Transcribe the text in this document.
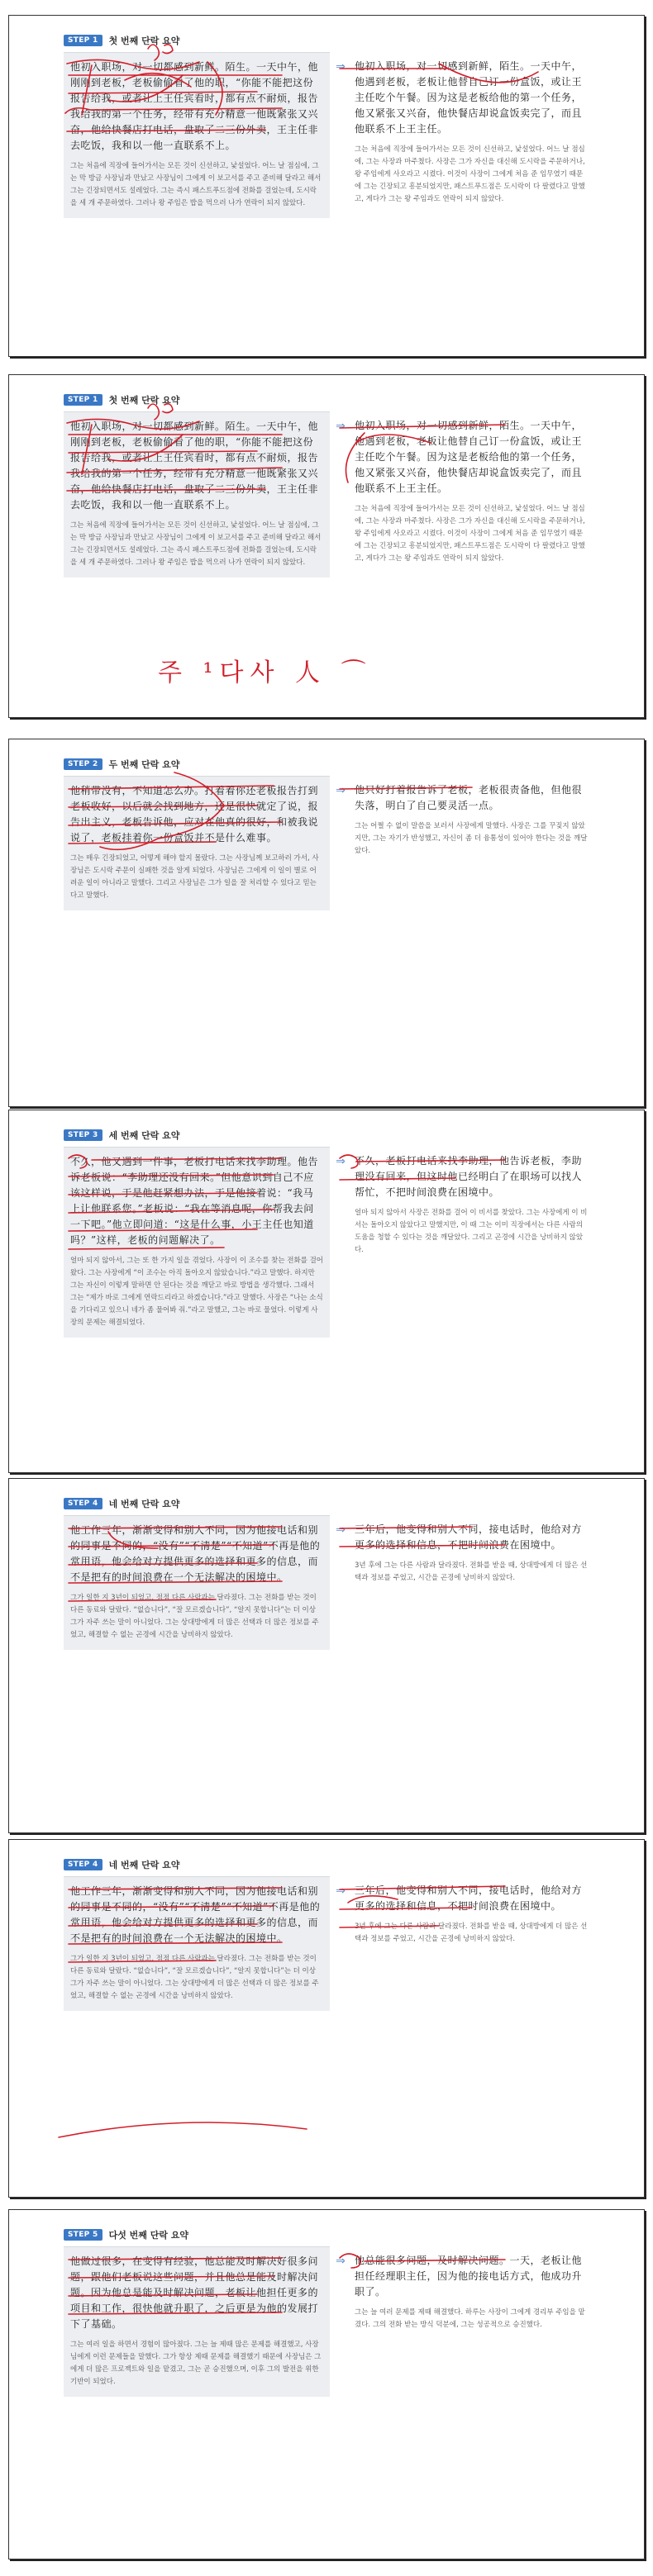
STEP 1	첫 번째 단락 요약

他初入职场，对一切都感到新鲜。陌生。一天中午，他刚刚到老板，老板偷偷看了他的职，“你能不能把这份报告给我，或者让上王任宾看时，都有点不耐烦，报告我给我的第一个任务，经带有充分精意一他既紧张又兴奋，他给快餐店打电话，盘取了二三份外卖，王主任非去吃饭，我和以一他一直联系不上。

그는 처음에 직장에 들어가서는 모든 것이 신선하고, 낯설었다. 어느 날 점심에, 그는 막 방금 사장님과 만났고 사장님이 그에게 이 보고서를 주고 준비해 달라고 해서 그는 긴장되면서도 설레었다. 그는 즉시 패스트푸드점에 전화를 걸었는데, 도시락을 세 개 주문하였다. 그러나 왕 주임은 밥을 먹으러 나가 연락이 되지 않았다.

⇒ 他初入职场，对一切感到新鲜，陌生。一天中午，他遇到老板，老板让他替自己订一份盒饭，或让王主任吃个午餐。因为这是老板给他的第一个任务，他又紧张又兴奋，他快餐店却说盒饭卖完了，而且他联系不上王主任。

그는 처음에 직장에 들어가서는 모든 것이 신선하고, 낯설었다. 어느 날 점심에, 그는 사장과 마주쳤다. 사장은 그가 자신을 대신해 도시락을 주문하거나, 왕 주임에게 사오라고 시켰다. 이것이 사장이 그에게 처음 준 임무였기 때문에 그는 긴장되고 흥분되었지만, 패스트푸드점은 도시락이 다 팔렸다고 말했고, 게다가 그는 왕 주임과도 연락이 되지 않았다.

STEP 1	첫 번째 단락 요약

他初入职场，对一切都感到新鲜。陌生。一天中午，他刚刚到老板，老板偷偷看了他的职，“你能不能把这份报告给我，或者让上王任宾看时，都有点不耐烦，报告我给我的第一个任务，经带有充分精意一他既紧张又兴奋，他给快餐店打电话，盘取了二三份外卖，王主任非去吃饭，我和以一他一直联系不上。

그는 처음에 직장에 들어가서는 모든 것이 신선하고, 낯설었다. 어느 날 점심에, 그는 막 방금 사장님과 만났고 사장님이 그에게 이 보고서를 주고 준비해 달라고 해서 그는 긴장되면서도 설레었다. 그는 즉시 패스트푸드점에 전화를 걸었는데, 도시락을 세 개 주문하였다. 그러나 왕 주임은 밥을 먹으러 나가 연락이 되지 않았다.

⇒ 他初入职场，对一切感到新鲜，陌生。一天中午，他遇到老板，老板让他替自己订一份盒饭，或让王主任吃个午餐。因为这是老板给他的第一个任务，他又紧张又兴奋，他快餐店却说盒饭卖完了，而且他联系不上王主任。

그는 처음에 직장에 들어가서는 모든 것이 신선하고, 낯설었다. 어느 날 점심에, 그는 사장과 마주쳤다. 사장은 그가 자신을 대신해 도시락을 주문하거나, 왕 주임에게 사오라고 시켰다. 이것이 사장이 그에게 처음 준 임무였기 때문에 그는 긴장되고 흥분되었지만, 패스트푸드점은 도시락이 다 팔렸다고 말했고, 게다가 그는 왕 주임과도 연락이 되지 않았다.

주 ¹다사 人 ⌒
STEP 2	두 번째 단락 요약

他稍带没有，不知道怎么办。打着着你还老板报告打到老板收好，以后就会找到地方，还是很快就定了说，报告出主义，老板告诉他，应对在他真的很好，和被我说说了，老板挂着你一份盒饭并不是什么难事。

그는 매우 긴장되었고, 어떻게 해야 할지 몰랐다. 그는 사장님께 보고하러 가서, 사장님은 도시락 주문이 실패한 것을 알게 되었다. 사장님은 그에게 이 일이 별로 어려운 일이 아니라고 말했다. 그리고 사장님은 그가 일을 잘 처리할 수 있다고 믿는다고 말했다.

⇒ 他只好打着报告诉了老板，老板很责备他，但他很失落，明白了自己要灵活一点。

그는 어쩔 수 없이 말씀을 보러서 사장에게 말했다. 사장은 그를 꾸짖지 않았지만, 그는 자기가 반성했고, 자신이 좀 더 융통성이 있어야 한다는 것을 깨달았다.

STEP 3	세 번째 단락 요약

不久，他又遇到一件事，老板打电话来找李助理。他告诉老板说：“李助理还没有回来。”但他意识到自己不应该这样说，于是他赶紧想办法，于是他接着说：“我马上让他联系您。”老板说：“我在等消息呢，你帮我去问一下吧。”他立即问道：“这是什么事，小王主任也知道吗？”这样，老板的问题解决了。

얼마 되지 않아서, 그는 또 한 가지 일을 겪었다. 사장이 이 조수를 찾는 전화를 걸어왔다. 그는 사장에게 “이 조수는 아직 돌아오지 않았습니다.”라고 말했다. 하지만 그는 자신이 이렇게 말하면 안 된다는 것을 깨닫고 바로 방법을 생각했다. 그래서 그는 “제가 바로 그에게 연락드리라고 하겠습니다.”라고 말했다. 사장은 “나는 소식을 기다리고 있으니 네가 좀 물어봐 줘.”라고 말했고, 그는 바로 물었다. 이렇게 사장의 문제는 해결되었다.

⇒ 不久，老板打电话来找李助理，他告诉老板，李助理没有回来，但这时他已经明白了在职场可以找人帮忙，不把时间浪费在困境中。

얼마 되지 않아서 사장은 전화를 걸어 이 비서를 찾았다. 그는 사장에게 이 비서는 돌아오지 않았다고 말했지만, 이 때 그는 이미 직장에서는 다른 사람의 도움을 청할 수 있다는 것을 깨달았다. 그리고 곤경에 시간을 낭비하지 않았다.

STEP 4	네 번째 단락 요약

他工作三年，渐渐变得和别人不同，因为他接电话和别的同事是不同的，“没有”“不清楚”“不知道”不再是他的常用语，他会给对方提供更多的选择和更多的信息，而不是把有的时间浪费在一个无法解决的困境中。

그가 일한 지 3년이 되었고, 점점 다른 사람과는 달라졌다. 그는 전화를 받는 것이 다른 동료와 달랐다. “없습니다”, “잘 모르겠습니다”, “알지 못합니다”는 더 이상 그가 자주 쓰는 말이 아니었다. 그는 상대방에게 더 많은 선택과 더 많은 정보를 주었고, 해결할 수 없는 곤경에 시간을 낭비하지 않았다.

⇒ 三年后，他变得和别人不同，接电话时，他给对方更多的选择和信息，不把时间浪费在困境中。

3년 후에 그는 다른 사람과 달라졌다. 전화를 받을 때, 상대방에게 더 많은 선택과 정보를 주었고, 시간을 곤경에 낭비하지 않았다.

STEP 4	네 번째 단락 요약

他工作三年，渐渐变得和别人不同，因为他接电话和别的同事是不同的，“没有”“不清楚”“不知道”不再是他的常用语，他会给对方提供更多的选择和更多的信息，而不是把有的时间浪费在一个无法解决的困境中。

그가 일한 지 3년이 되었고, 점점 다른 사람과는 달라졌다. 그는 전화를 받는 것이 다른 동료와 달랐다. “없습니다”, “잘 모르겠습니다”, “알지 못합니다”는 더 이상 그가 자주 쓰는 말이 아니었다. 그는 상대방에게 더 많은 선택과 더 많은 정보를 주었고, 해결할 수 없는 곤경에 시간을 낭비하지 않았다.

⇒ 三年后，他变得和别人不同，接电话时，他给对方更多的选择和信息，不把时间浪费在困境中。

3년 후에 그는 다른 사람과 달라졌다. 전화를 받을 때, 상대방에게 더 많은 선택과 정보를 주었고, 시간을 곤경에 낭비하지 않았다.

STEP 5	다섯 번째 단락 요약

他做过很多，在变得有经验，他总能及时解决好很多问题，跟他们老板说这些问题，并且他总是能及时解决问题。因为他总是能及时解决问题，老板让他担任更多的项目和工作，很快他就升职了，之后更是为他的发展打下了基础。

그는 여러 일을 하면서 경험이 많아졌다. 그는 늘 제때 많은 문제를 해결했고, 사장님에게 이런 문제들을 말했다. 그가 항상 제때 문제를 해결했기 때문에 사장님은 그에게 더 많은 프로젝트와 일을 맡겼고, 그는 곧 승진했으며, 이후 그의 발전을 위한 기반이 되었다.

⇒ 他总能很多问题，及时解决问题。一天，老板让他担任经理职主任，因为他的接电话方式，他成功升职了。

그는 늘 여러 문제를 제때 해결했다. 하루는 사장이 그에게 경리부 주임을 맡겼다. 그의 전화 받는 방식 덕분에, 그는 성공적으로 승진했다.
